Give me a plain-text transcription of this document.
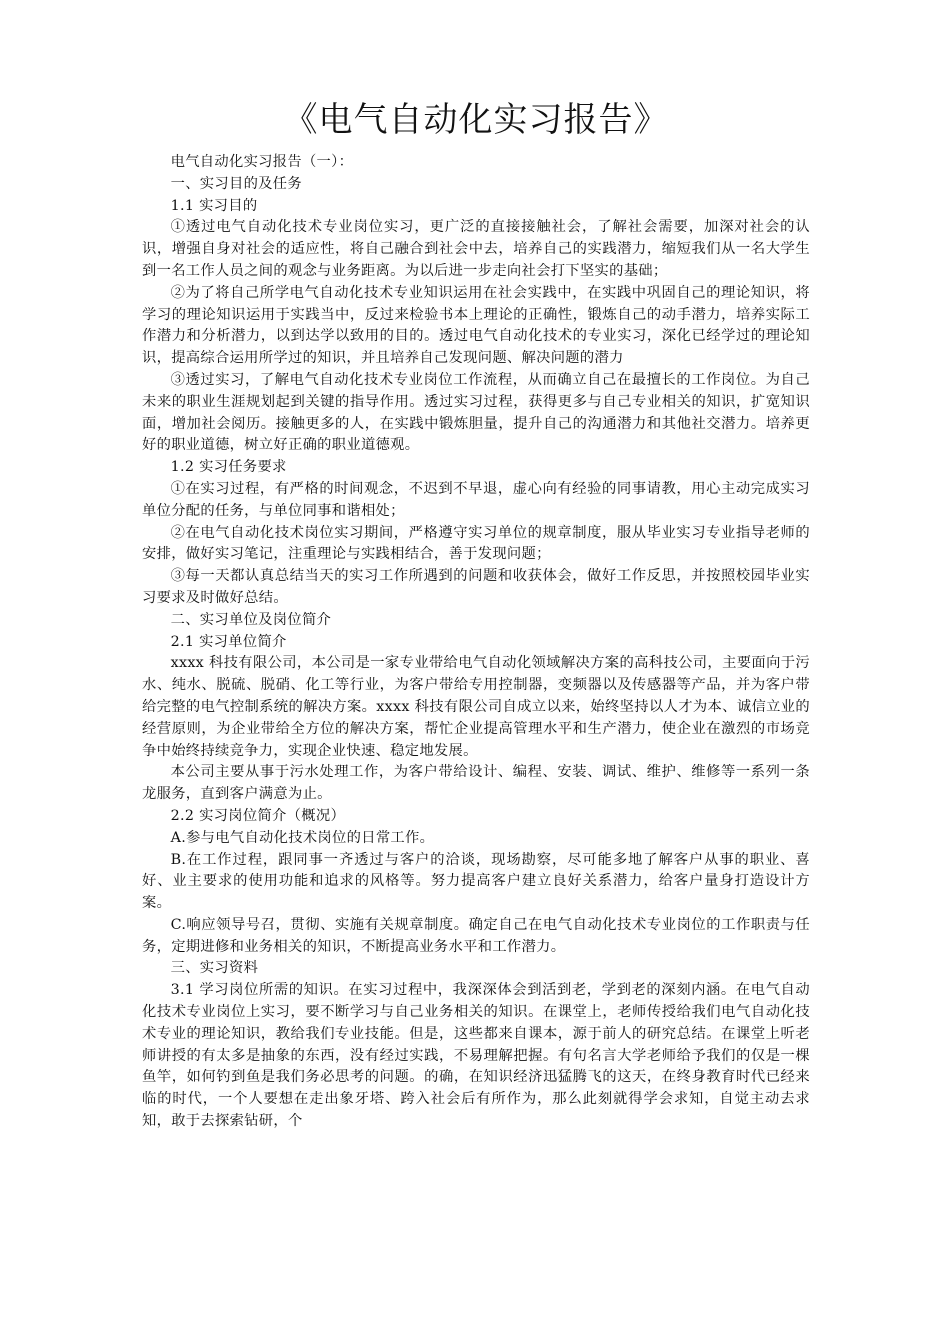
《电气自动化实习报告》

电气自动化实习报告（一）：

一、实习目的及任务

1.1 实习目的

①透过电气自动化技术专业岗位实习，更广泛的直接接触社会，了解社会需要，加深对社会的认识，增强自身对社会的适应性，将自己融合到社会中去，培养自己的实践潜力，缩短我们从一名大学生到一名工作人员之间的观念与业务距离。为以后进一步走向社会打下坚实的基础；

②为了将自己所学电气自动化技术专业知识运用在社会实践中，在实践中巩固自己的理论知识，将学习的理论知识运用于实践当中，反过来检验书本上理论的正确性，锻炼自己的动手潜力，培养实际工作潜力和分析潜力，以到达学以致用的目的。透过电气自动化技术的专业实习，深化已经学过的理论知识，提高综合运用所学过的知识，并且培养自己发现问题、解决问题的潜力

③透过实习，了解电气自动化技术专业岗位工作流程，从而确立自己在最擅长的工作岗位。为自己未来的职业生涯规划起到关键的指导作用。透过实习过程，获得更多与自己专业相关的知识，扩宽知识面，增加社会阅历。接触更多的人，在实践中锻炼胆量，提升自己的沟通潜力和其他社交潜力。培养更好的职业道德，树立好正确的职业道德观。

1.2 实习任务要求

①在实习过程，有严格的时间观念，不迟到不早退，虚心向有经验的同事请教，用心主动完成实习单位分配的任务，与单位同事和谐相处；

②在电气自动化技术岗位实习期间，严格遵守实习单位的规章制度，服从毕业实习专业指导老师的安排，做好实习笔记，注重理论与实践相结合，善于发现问题；

③每一天都认真总结当天的实习工作所遇到的问题和收获体会，做好工作反思，并按照校园毕业实习要求及时做好总结。

二、实习单位及岗位简介

2.1 实习单位简介

xxxx 科技有限公司，本公司是一家专业带给电气自动化领域解决方案的高科技公司，主要面向于污水、纯水、脱硫、脱硝、化工等行业，为客户带给专用控制器，变频器以及传感器等产品，并为客户带给完整的电气控制系统的解决方案。xxxx 科技有限公司自成立以来，始终坚持以人才为本、诚信立业的经营原则，为企业带给全方位的解决方案，帮忙企业提高管理水平和生产潜力，使企业在激烈的市场竞争中始终持续竞争力，实现企业快速、稳定地发展。

本公司主要从事于污水处理工作，为客户带给设计、编程、安装、调试、维护、维修等一系列一条龙服务，直到客户满意为止。

2.2 实习岗位简介（概况）

A.参与电气自动化技术岗位的日常工作。

B.在工作过程，跟同事一齐透过与客户的洽谈，现场勘察，尽可能多地了解客户从事的职业、喜好、业主要求的使用功能和追求的风格等。努力提高客户建立良好关系潜力，给客户量身打造设计方案。

C.响应领导号召，贯彻、实施有关规章制度。确定自己在电气自动化技术专业岗位的工作职责与任务，定期进修和业务相关的知识，不断提高业务水平和工作潜力。

三、实习资料

3.1 学习岗位所需的知识。在实习过程中，我深深体会到活到老，学到老的深刻内涵。在电气自动化技术专业岗位上实习，要不断学习与自己业务相关的知识。在课堂上，老师传授给我们电气自动化技术专业的理论知识，教给我们专业技能。但是，这些都来自课本，源于前人的研究总结。在课堂上听老师讲授的有太多是抽象的东西，没有经过实践，不易理解把握。有句名言大学老师给予我们的仅是一棵鱼竿，如何钓到鱼是我们务必思考的问题。的确，在知识经济迅猛腾飞的这天，在终身教育时代已经来临的时代，一个人要想在走出象牙塔、跨入社会后有所作为，那么此刻就得学会求知，自觉主动去求知，敢于去探索钻研，个
